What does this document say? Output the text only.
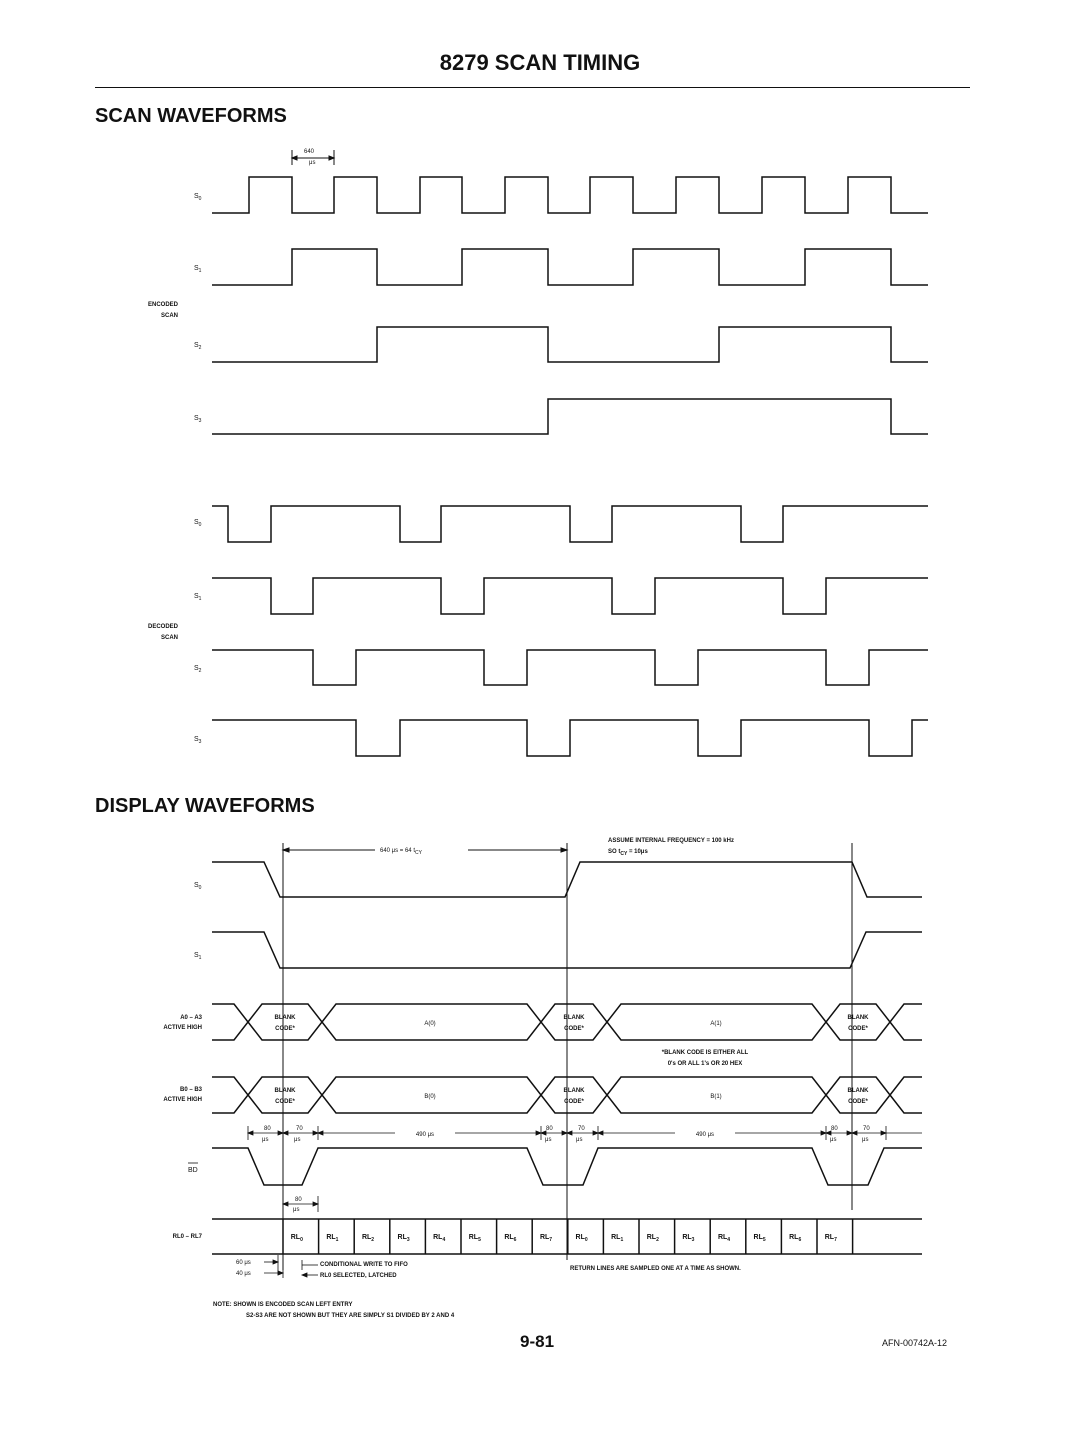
8279 SCAN TIMING
SCAN WAVEFORMS
DISPLAY WAVEFORMS
640
μs
$S_0$
$S_1$
$S_2$
$S_3$
ENCODED
SCAN
$S_0$
$S_1$
$S_2$
$S_3$
DECODED
SCAN
640 μs = 64 $t_{CY}$
ASSUME INTERNAL FREQUENCY = 100 kHz
SO $t_{CY} = 10\mu s$
$S_0$
$S_1$
A0 – A3
ACTIVE HIGH
BLANK
CODE*
A(0)
BLANK
CODE*
A(1)
BLANK
CODE*
*BLANK CODE IS EITHER ALL
0's OR ALL 1's OR 20 HEX
B0 – B3
ACTIVE HIGH
BLANK
CODE*
B(0)
BLANK
CODE*
B(1)
BLANK
CODE*
80
μs
70
μs
490 μs
80
μs
70
μs
490 μs
80
μs
70
μs
BD
80
μs
$RL_0$	$RL_1$	$RL_2$	$RL_3$	$RL_4$	$RL_5$	$RL_6$	$RL_7$	$RL_0$	$RL_1$	$RL_2$	$RL_3$	$RL_4$	$RL_5$	$RL_6$	$RL_7$
RL0 – RL7
60 μs
40 μs
CONDITIONAL WRITE TO FIFO
RL0 SELECTED, LATCHED
RETURN LINES ARE SAMPLED ONE AT A TIME AS SHOWN.
NOTE: SHOWN IS ENCODED SCAN LEFT ENTRY
S2-S3 ARE NOT SHOWN BUT THEY ARE SIMPLY S1 DIVIDED BY 2 AND 4
9-81	AFN-00742A-12
